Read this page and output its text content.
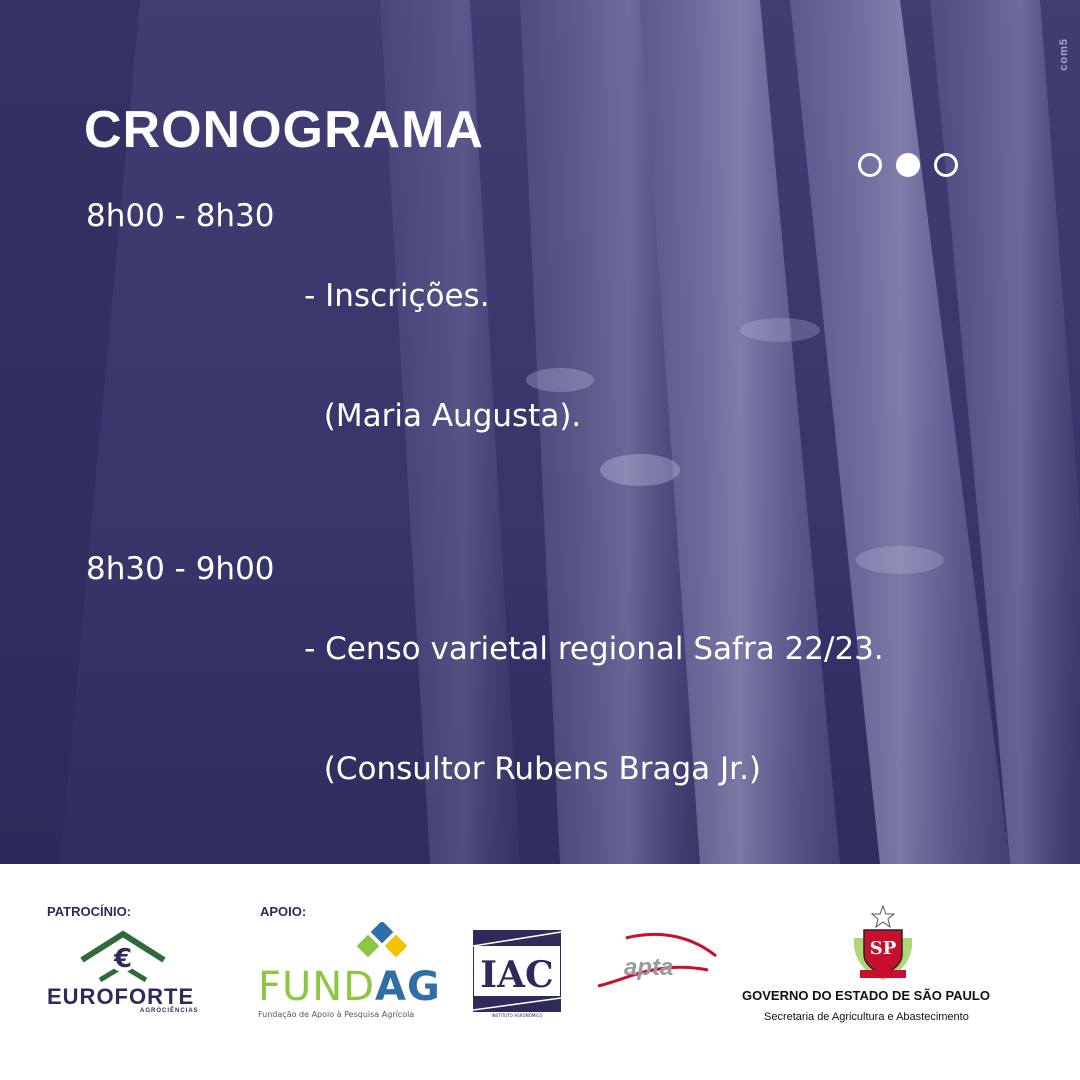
com5
CRONOGRAMA
8h00 - 8h30

- Inscrições.

(Maria Augusta).

8h30 - 9h00

- Censo varietal regional Safra 22/23.

(Consultor Rubens Braga Jr.)

PATROCÍNIO:	APOIO:
€
EUROFORTE
AGROCIÊNCIAS
FUNDAG
Fundação de Apoio à Pesquisa Agrícola
IAC
INSTITUTO AGRONÔMICO
apta
SP
GOVERNO DO ESTADO DE SÃO PAULO
Secretaria de Agricultura e Abastecimento
